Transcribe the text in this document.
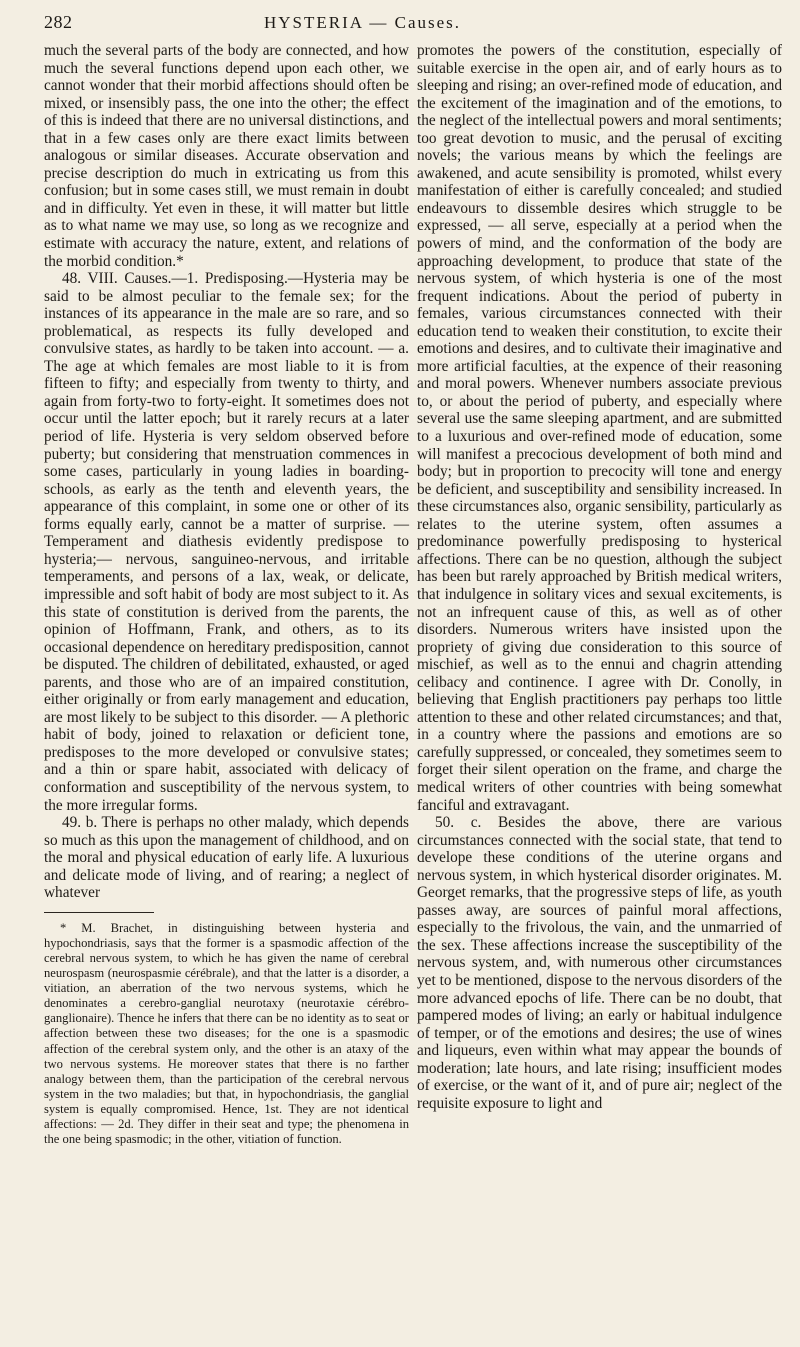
282	HYSTERIA — Causes.

much the several parts of the body are connected, and how much the several functions depend upon each other, we cannot wonder that their morbid affections should often be mixed, or insensibly pass, the one into the other; the effect of this is indeed that there are no universal distinctions, and that in a few cases only are there exact limits between analogous or similar diseases. Accurate observation and precise description do much in extricating us from this confusion; but in some cases still, we must remain in doubt and in difficulty. Yet even in these, it will matter but little as to what name we may use, so long as we recognize and estimate with accuracy the nature, extent, and relations of the morbid condition.*

48. VIII. Causes.—1. Predisposing.—Hysteria may be said to be almost peculiar to the female sex; for the instances of its appearance in the male are so rare, and so problematical, as respects its fully developed and convulsive states, as hardly to be taken into account. — a. The age at which females are most liable to it is from fifteen to fifty; and especially from twenty to thirty, and again from forty-two to forty-eight. It sometimes does not occur until the latter epoch; but it rarely recurs at a later period of life. Hysteria is very seldom observed before puberty; but considering that menstruation commences in some cases, particularly in young ladies in boarding-schools, as early as the tenth and eleventh years, the appearance of this complaint, in some one or other of its forms equally early, cannot be a matter of surprise. — Temperament and diathesis evidently predispose to hysteria;— nervous, sanguineo-nervous, and irritable temperaments, and persons of a lax, weak, or delicate, impressible and soft habit of body are most subject to it. As this state of constitution is derived from the parents, the opinion of Hoffmann, Frank, and others, as to its occasional dependence on hereditary predisposition, cannot be disputed. The children of debilitated, exhausted, or aged parents, and those who are of an impaired constitution, either originally or from early management and education, are most likely to be subject to this disorder. — A plethoric habit of body, joined to relaxation or deficient tone, predisposes to the more developed or convulsive states; and a thin or spare habit, associated with delicacy of conformation and susceptibility of the nervous system, to the more irregular forms.

49. b. There is perhaps no other malady, which depends so much as this upon the management of childhood, and on the moral and physical education of early life. A luxurious and delicate mode of living, and of rearing; a neglect of whatever

* M. Brachet, in distinguishing between hysteria and hypochondriasis, says that the former is a spasmodic affection of the cerebral nervous system, to which he has given the name of cerebral neurospasm (neurospasmie cérébrale), and that the latter is a disorder, a vitiation, an aberration of the two nervous systems, which he denominates a cerebro-ganglial neurotaxy (neurotaxie cérébro-ganglionaire). Thence he infers that there can be no identity as to seat or affection between these two diseases; for the one is a spasmodic affection of the cerebral system only, and the other is an ataxy of the two nervous systems. He moreover states that there is no farther analogy between them, than the participation of the cerebral nervous system in the two maladies; but that, in hypochondriasis, the ganglial system is equally compromised. Hence, 1st. They are not identical affections: — 2d. They differ in their seat and type; the phenomena in the one being spasmodic; in the other, vitiation of function.

promotes the powers of the constitution, especially of suitable exercise in the open air, and of early hours as to sleeping and rising; an over-refined mode of education, and the excitement of the imagination and of the emotions, to the neglect of the intellectual powers and moral sentiments; too great devotion to music, and the perusal of exciting novels; the various means by which the feelings are awakened, and acute sensibility is promoted, whilst every manifestation of either is carefully concealed; and studied endeavours to dissemble desires which struggle to be expressed, — all serve, especially at a period when the powers of mind, and the conformation of the body are approaching development, to produce that state of the nervous system, of which hysteria is one of the most frequent indications. About the period of puberty in females, various circumstances connected with their education tend to weaken their constitution, to excite their emotions and desires, and to cultivate their imaginative and more artificial faculties, at the expence of their reasoning and moral powers. Whenever numbers associate previous to, or about the period of puberty, and especially where several use the same sleeping apartment, and are submitted to a luxurious and over-refined mode of education, some will manifest a precocious development of both mind and body; but in proportion to precocity will tone and energy be deficient, and susceptibility and sensibility increased. In these circumstances also, organic sensibility, particularly as relates to the uterine system, often assumes a predominance powerfully predisposing to hysterical affections. There can be no question, although the subject has been but rarely approached by British medical writers, that indulgence in solitary vices and sexual excitements, is not an infrequent cause of this, as well as of other disorders. Numerous writers have insisted upon the propriety of giving due consideration to this source of mischief, as well as to the ennui and chagrin attending celibacy and continence. I agree with Dr. Conolly, in believing that English practitioners pay perhaps too little attention to these and other related circumstances; and that, in a country where the passions and emotions are so carefully suppressed, or concealed, they sometimes seem to forget their silent operation on the frame, and charge the medical writers of other countries with being somewhat fanciful and extravagant.

50. c. Besides the above, there are various circumstances connected with the social state, that tend to develope these conditions of the uterine organs and nervous system, in which hysterical disorder originates. M. Georget remarks, that the progressive steps of life, as youth passes away, are sources of painful moral affections, especially to the frivolous, the vain, and the unmarried of the sex. These affections increase the susceptibility of the nervous system, and, with numerous other circumstances yet to be mentioned, dispose to the nervous disorders of the more advanced epochs of life. There can be no doubt, that pampered modes of living; an early or habitual indulgence of temper, or of the emotions and desires; the use of wines and liqueurs, even within what may appear the bounds of moderation; late hours, and late rising; insufficient modes of exercise, or the want of it, and of pure air; neglect of the requisite exposure to light and
